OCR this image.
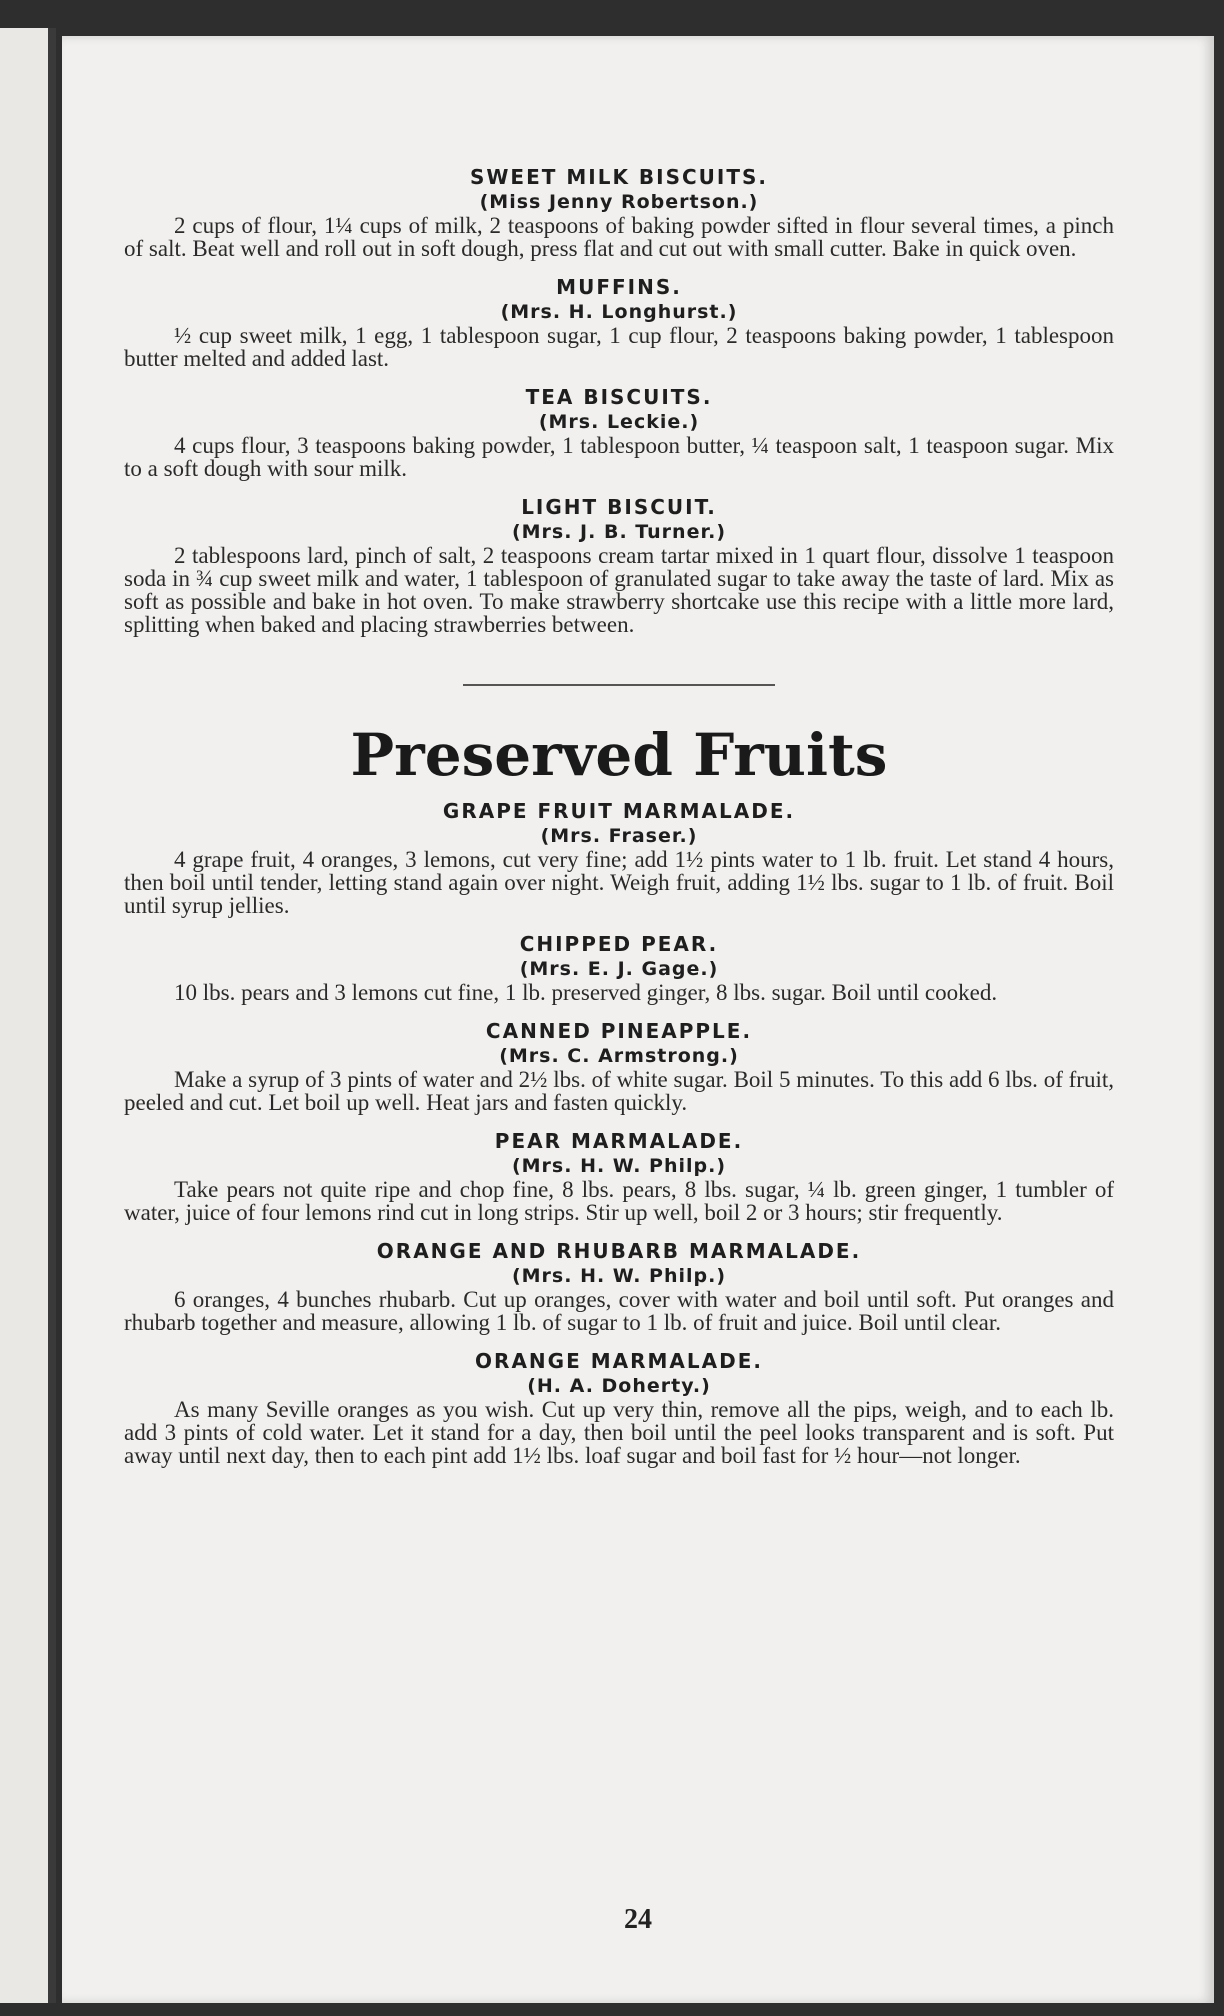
SWEET MILK BISCUITS.
(Miss Jenny Robertson.)

2 cups of flour, 1¼ cups of milk, 2 teaspoons of baking powder sifted in flour several times, a pinch of salt. Beat well and roll out in soft dough, press flat and cut out with small cutter. Bake in quick oven.

MUFFINS.
(Mrs. H. Longhurst.)

½ cup sweet milk, 1 egg, 1 tablespoon sugar, 1 cup flour, 2 teaspoons baking powder, 1 tablespoon butter melted and added last.

TEA BISCUITS.
(Mrs. Leckie.)

4 cups flour, 3 teaspoons baking powder, 1 tablespoon butter, ¼ teaspoon salt, 1 teaspoon sugar. Mix to a soft dough with sour milk.

LIGHT BISCUIT.
(Mrs. J. B. Turner.)

2 tablespoons lard, pinch of salt, 2 teaspoons cream tartar mixed in 1 quart flour, dissolve 1 teaspoon soda in ¾ cup sweet milk and water, 1 tablespoon of granulated sugar to take away the taste of lard. Mix as soft as possible and bake in hot oven. To make strawberry shortcake use this recipe with a little more lard, splitting when baked and placing strawberries between.

Preserved Fruits
GRAPE FRUIT MARMALADE.
(Mrs. Fraser.)

4 grape fruit, 4 oranges, 3 lemons, cut very fine; add 1½ pints water to 1 lb. fruit. Let stand 4 hours, then boil until tender, letting stand again over night. Weigh fruit, adding 1½ lbs. sugar to 1 lb. of fruit. Boil until syrup jellies.

CHIPPED PEAR.
(Mrs. E. J. Gage.)

10 lbs. pears and 3 lemons cut fine, 1 lb. preserved ginger, 8 lbs. sugar. Boil until cooked.

CANNED PINEAPPLE.
(Mrs. C. Armstrong.)

Make a syrup of 3 pints of water and 2½ lbs. of white sugar. Boil 5 minutes. To this add 6 lbs. of fruit, peeled and cut. Let boil up well. Heat jars and fasten quickly.

PEAR MARMALADE.
(Mrs. H. W. Philp.)

Take pears not quite ripe and chop fine, 8 lbs. pears, 8 lbs. sugar, ¼ lb. green ginger, 1 tumbler of water, juice of four lemons rind cut in long strips. Stir up well, boil 2 or 3 hours; stir frequently.

ORANGE AND RHUBARB MARMALADE.
(Mrs. H. W. Philp.)

6 oranges, 4 bunches rhubarb. Cut up oranges, cover with water and boil until soft. Put oranges and rhubarb together and measure, allowing 1 lb. of sugar to 1 lb. of fruit and juice. Boil until clear.

ORANGE MARMALADE.
(H. A. Doherty.)

As many Seville oranges as you wish. Cut up very thin, remove all the pips, weigh, and to each lb. add 3 pints of cold water. Let it stand for a day, then boil until the peel looks transparent and is soft. Put away until next day, then to each pint add 1½ lbs. loaf sugar and boil fast for ½ hour—not longer.

24
